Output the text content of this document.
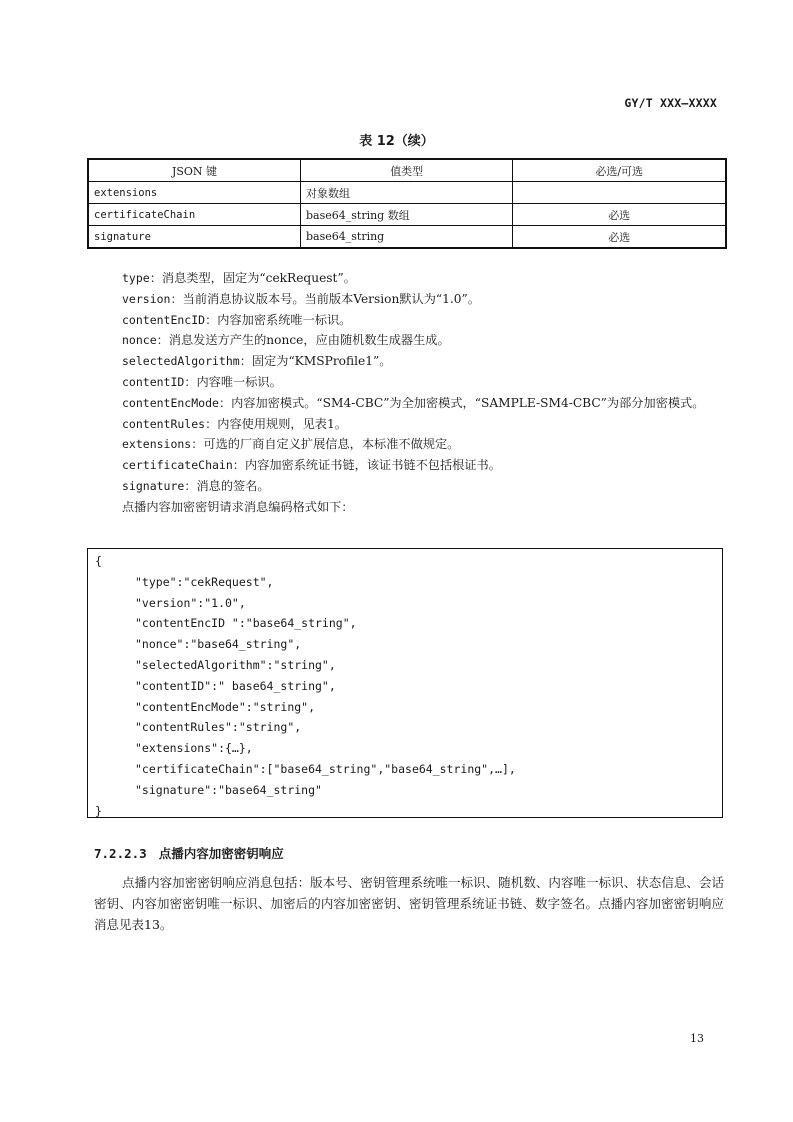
GY/T XXX—XXXX
表 12（续）
JSON 键	值类型	必选/可选
extensions	对象数组	
certificateChain	base64_string 数组	必选
signature	base64_string	必选

type：消息类型，固定为“cekRequest”。

version：当前消息协议版本号。当前版本Version默认为“1.0”。

contentEncID：内容加密系统唯一标识。

nonce：消息发送方产生的nonce，应由随机数生成器生成。

selectedAlgorithm：固定为“KMSProfile1”。

contentID：内容唯一标识。

contentEncMode：内容加密模式。“SM4-CBC”为全加密模式，“SAMPLE-SM4-CBC”为部分加密模式。

contentRules：内容使用规则，见表1。

extensions：可选的厂商自定义扩展信息，本标准不做规定。

certificateChain：内容加密系统证书链，该证书链不包括根证书。

signature：消息的签名。

点播内容加密密钥请求消息编码格式如下：

{
"type":"cekRequest",
"version":"1.0",
"contentEncID ":"base64_string",
"nonce":"base64_string",
"selectedAlgorithm":"string",
"contentID":" base64_string",
"contentEncMode":"string",
"contentRules":"string",
"extensions":{…},
"certificateChain":["base64_string","base64_string",…],
"signature":"base64_string"
}
7.2.2.3 点播内容加密密钥响应

点播内容加密密钥响应消息包括：版本号、密钥管理系统唯一标识、随机数、内容唯一标识、状态信息、会话密钥、内容加密密钥唯一标识、加密后的内容加密密钥、密钥管理系统证书链、数字签名。点播内容加密密钥响应消息见表13。

13
